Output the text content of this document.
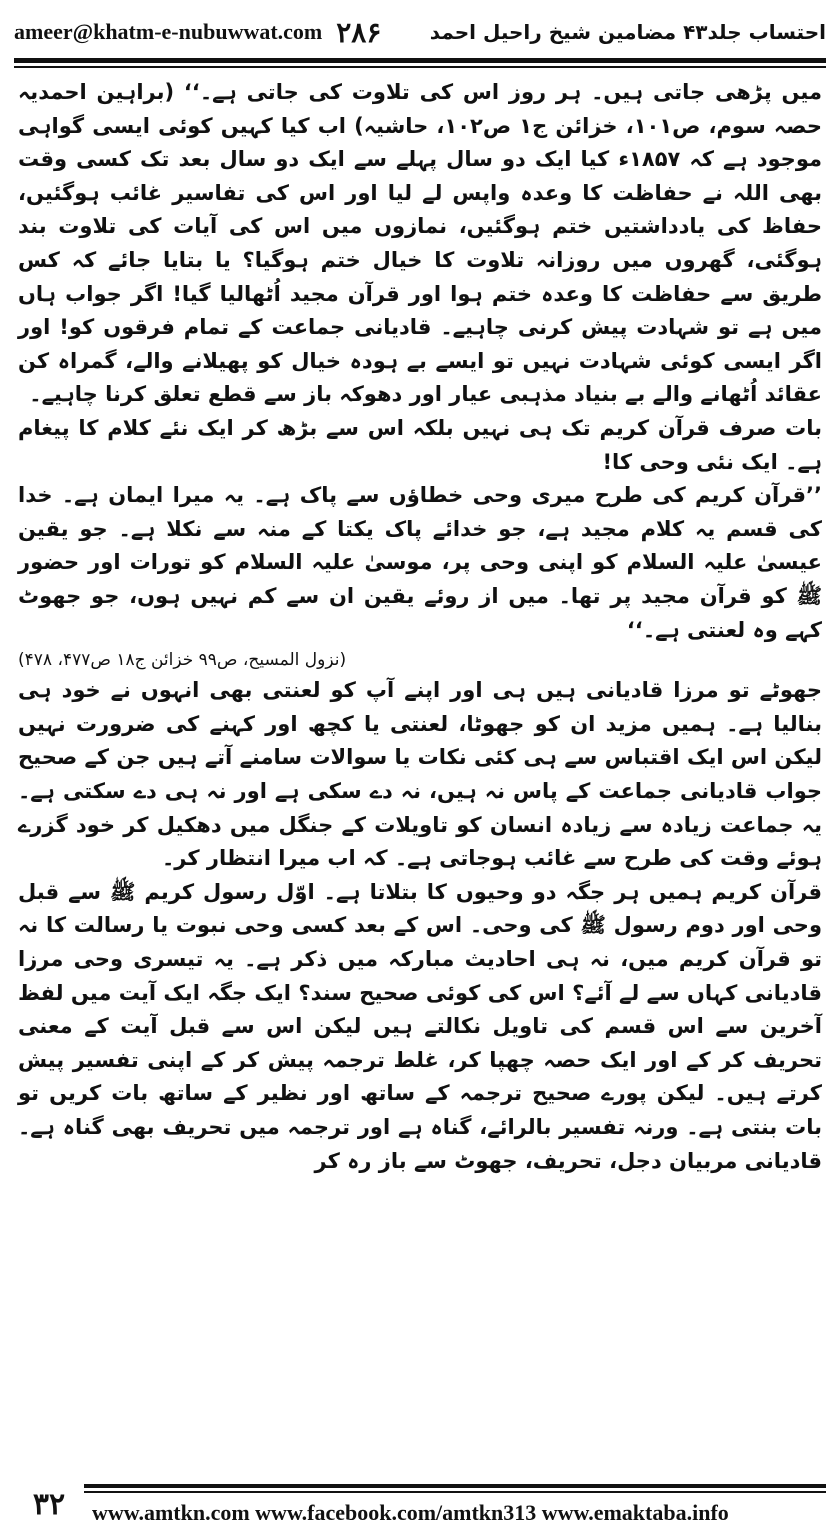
ameer@khatm-e-nubuwwat.com ۲۸۶ احتساب جلد۴۳ مضامین شیخ راحیل احمد

میں پڑھی جاتی ہیں۔ ہر روز اس کی تلاوت کی جاتی ہے۔‘‘ (براہین احمدیہ حصہ سوم، ص۱۰۱، خزائن ج۱ ص۱۰۲، حاشیہ) اب کیا کہیں کوئی ایسی گواہی موجود ہے کہ ۱۸۵۷ء کیا ایک دو سال پہلے سے ایک دو سال بعد تک کسی وقت بھی اللہ نے حفاظت کا وعدہ واپس لے لیا اور اس کی تفاسیر غائب ہوگئیں، حفاظ کی یادداشتیں ختم ہوگئیں، نمازوں میں اس کی آیات کی تلاوت بند ہوگئی، گھروں میں روزانہ تلاوت کا خیال ختم ہوگیا؟ یا بتایا جائے کہ کس طریق سے حفاظت کا وعدہ ختم ہوا اور قرآن مجید اُٹھالیا گیا! اگر جواب ہاں میں ہے تو شہادت پیش کرنی چاہیے۔ قادیانی جماعت کے تمام فرقوں کو! اور اگر ایسی کوئی شہادت نہیں تو ایسے بے ہودہ خیال کو پھیلانے والے، گمراہ کن عقائد اُٹھانے والے بے بنیاد مذہبی عیار اور دھوکہ باز سے قطع تعلق کرنا چاہیے۔

بات صرف قرآن کریم تک ہی نہیں بلکہ اس سے بڑھ کر ایک نئے کلام کا پیغام ہے۔ ایک نئی وحی کا!

’’قرآن کریم کی طرح میری وحی خطاؤں سے پاک ہے۔ یہ میرا ایمان ہے۔ خدا کی قسم یہ کلام مجید ہے، جو خدائے پاک یکتا کے منہ سے نکلا ہے۔ جو یقین عیسیٰ علیہ السلام کو اپنی وحی پر، موسیٰ علیہ السلام کو تورات اور حضور ﷺ کو قرآن مجید پر تھا۔ میں از روئے یقین ان سے کم نہیں ہوں، جو جھوٹ کہے وہ لعنتی ہے۔‘‘

(نزول المسیح، ص۹۹ خزائن ج۱۸ ص۴۷۷، ۴۷۸)

جھوٹے تو مرزا قادیانی ہیں ہی اور اپنے آپ کو لعنتی بھی انہوں نے خود ہی بنالیا ہے۔ ہمیں مزید ان کو جھوٹا، لعنتی یا کچھ اور کہنے کی ضرورت نہیں لیکن اس ایک اقتباس سے ہی کئی نکات یا سوالات سامنے آتے ہیں جن کے صحیح جواب قادیانی جماعت کے پاس نہ ہیں، نہ دے سکی ہے اور نہ ہی دے سکتی ہے۔ یہ جماعت زیادہ سے زیادہ انسان کو تاویلات کے جنگل میں دھکیل کر خود گزرے ہوئے وقت کی طرح سے غائب ہوجاتی ہے۔ کہ اب میرا انتظار کر۔

قرآن کریم ہمیں ہر جگہ دو وحیوں کا بتلاتا ہے۔ اوّل رسول کریم ﷺ سے قبل وحی اور دوم رسول ﷺ کی وحی۔ اس کے بعد کسی وحی نبوت یا رسالت کا نہ تو قرآن کریم میں، نہ ہی احادیث مبارکہ میں ذکر ہے۔ یہ تیسری وحی مرزا قادیانی کہاں سے لے آئے؟ اس کی کوئی صحیح سند؟ ایک جگہ ایک آیت میں لفظ آخرین سے اس قسم کی تاویل نکالتے ہیں لیکن اس سے قبل آیت کے معنی تحریف کر کے اور ایک حصہ چھپا کر، غلط ترجمہ پیش کر کے اپنی تفسیر پیش کرتے ہیں۔ لیکن پورے صحیح ترجمہ کے ساتھ اور نظیر کے ساتھ بات کریں تو بات بنتی ہے۔ ورنہ تفسیر بالرائے، گناہ ہے اور ترجمہ میں تحریف بھی گناہ ہے۔ قادیانی مربیان دجل، تحریف، جھوٹ سے باز رہ کر

۳۲	www.amtkn.com www.facebook.com/amtkn313 www.emaktaba.info
